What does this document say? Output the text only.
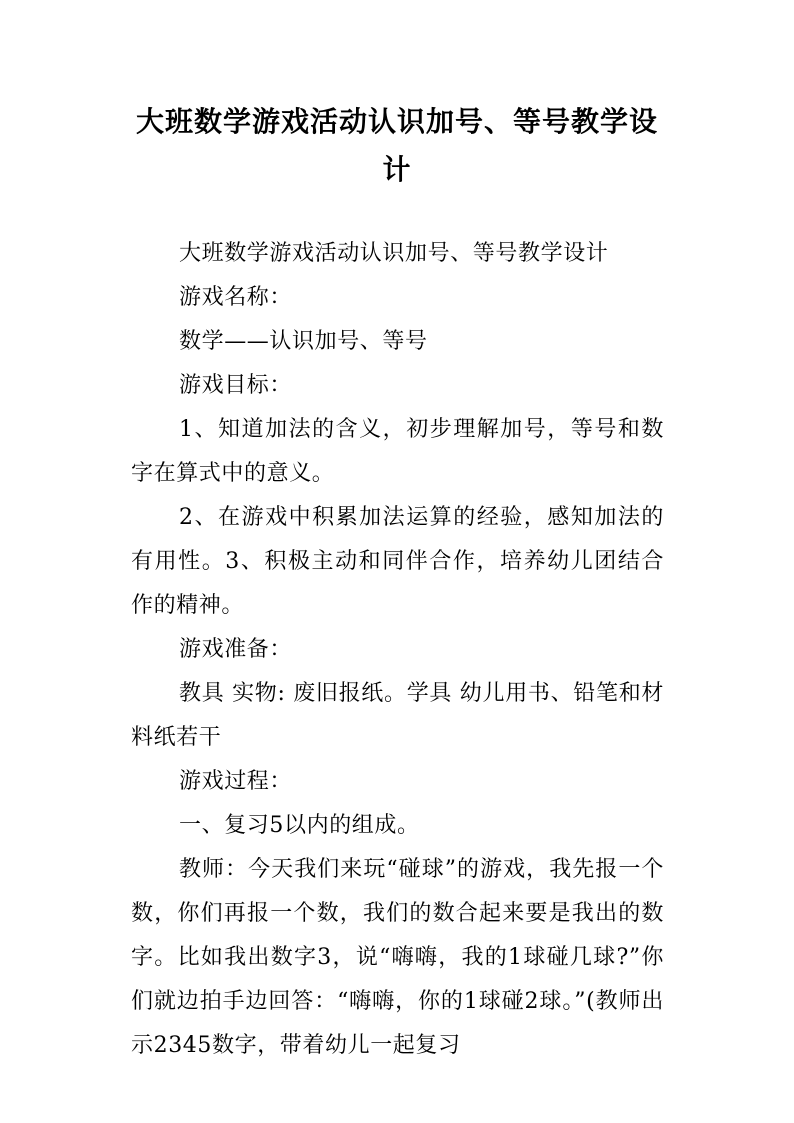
大班数学游戏活动认识加号、等号教学设计

大班数学游戏活动认识加号、等号教学设计

游戏名称：

数学——认识加号、等号

游戏目标：

1、知道加法的含义，初步理解加号，等号和数字在算式中的意义。

2、在游戏中积累加法运算的经验，感知加法的有用性。3、积极主动和同伴合作，培养幼儿团结合作的精神。

游戏准备：

教具 实物: 废旧报纸。学具 幼儿用书、铅笔和材料纸若干

游戏过程：

一、复习5以内的组成。

教师：今天我们来玩“碰球”的游戏，我先报一个数，你们再报一个数，我们的数合起来要是我出的数字。比如我出数字3，说“嗨嗨，我的1球碰几球?”你们就边拍手边回答：“嗨嗨，你的1球碰2球。”(教师出示2345数字，带着幼儿一起复习
